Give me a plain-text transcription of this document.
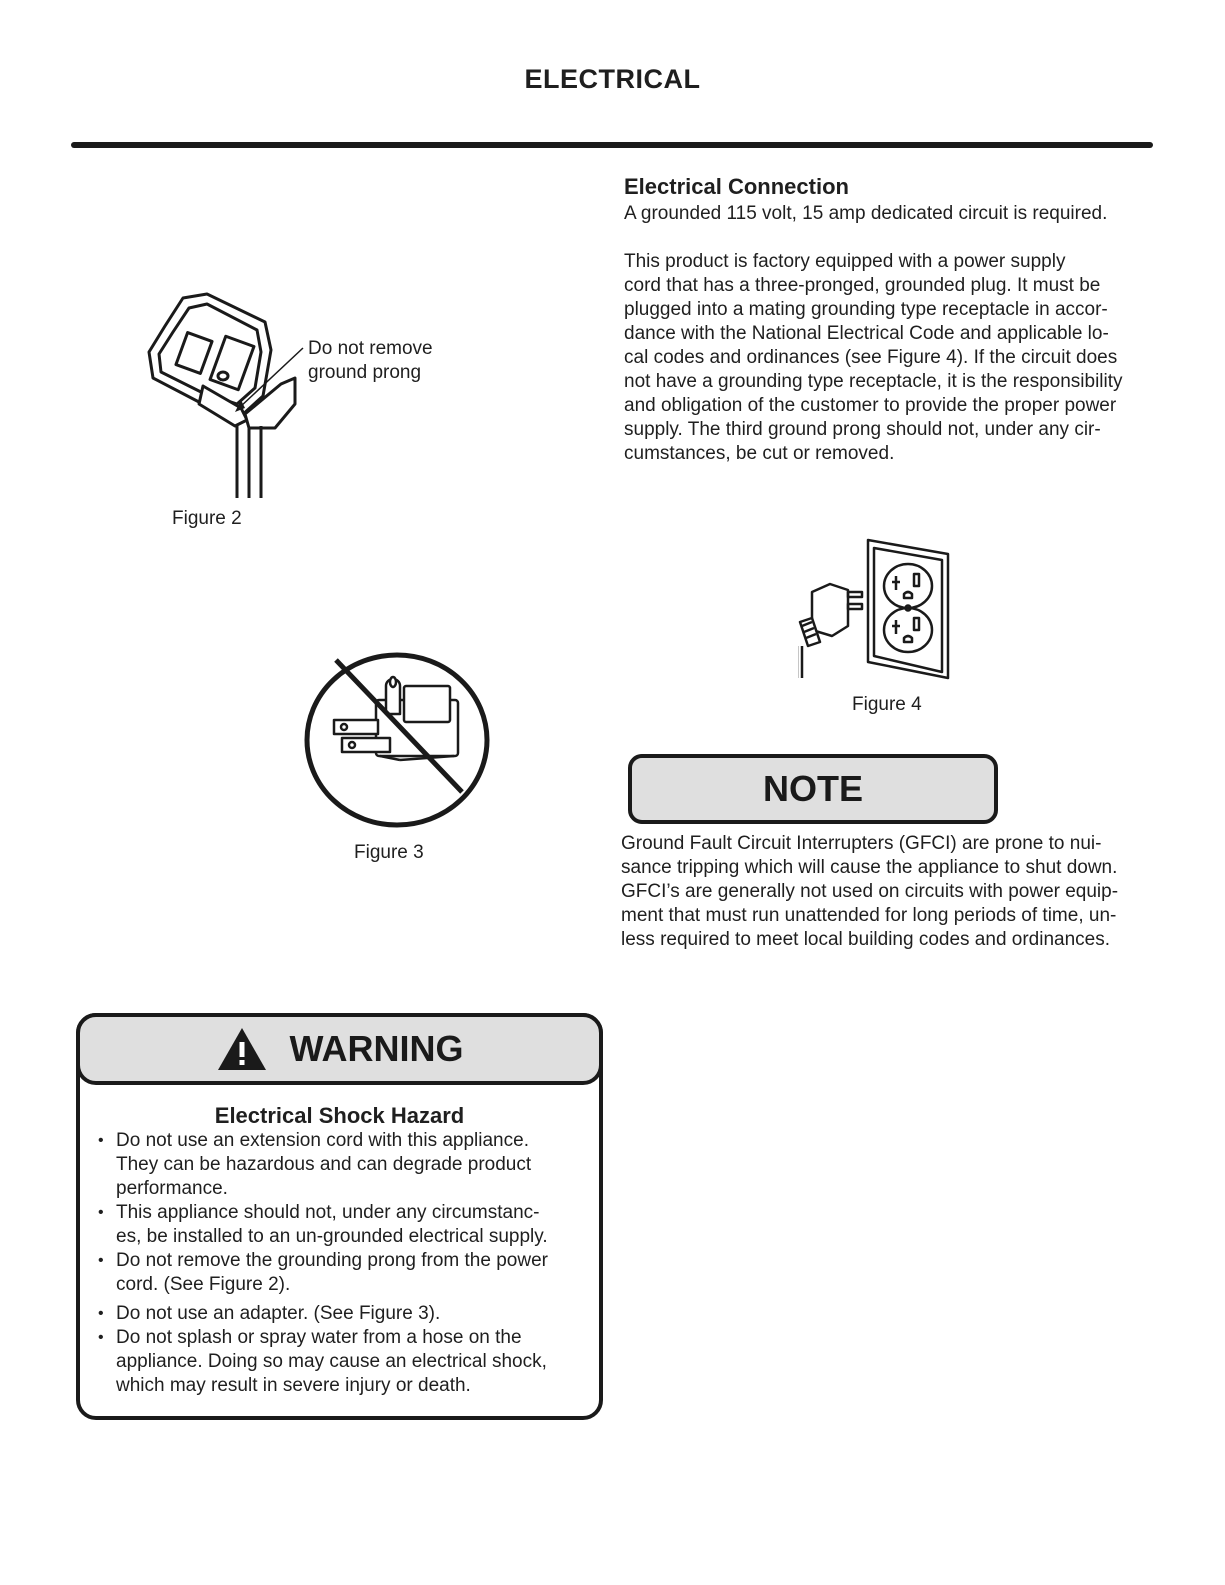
ELECTRICAL
Do not remove
ground prong
Figure 2
Figure 3
Electrical Connection
A grounded 115 volt, 15 amp dedicated circuit is required.
This product is factory equipped with a power supply
cord that has a three-pronged, grounded plug. It must be
plugged into a mating grounding type receptacle in accor-
dance with the National Electrical Code and applicable lo-
cal codes and ordinances (see Figure 4). If the circuit does
not have a grounding type receptacle, it is the responsibility
and obligation of the customer to provide the proper power
supply. The third ground prong should not, under any cir-
cumstances, be cut or removed.
Figure 4
NOTE
Ground Fault Circuit Interrupters (GFCI) are prone to nui-
sance tripping which will cause the appliance to shut down.
GFCI’s are generally not used on circuits with power equip-
ment that must run unattended for long periods of time, un-
less required to meet local building codes and ordinances.
WARNING
Electrical Shock Hazard
• Do not use an extension cord with this appliance.
They can be hazardous and can degrade product
performance.
• This appliance should not, under any circumstanc-
es, be installed to an un-grounded electrical supply.
• Do not remove the grounding prong from the power
cord. (See Figure 2).
• Do not use an adapter. (See Figure 3).
• Do not splash or spray water from a hose on the
appliance. Doing so may cause an electrical shock,
which may result in severe injury or death.
